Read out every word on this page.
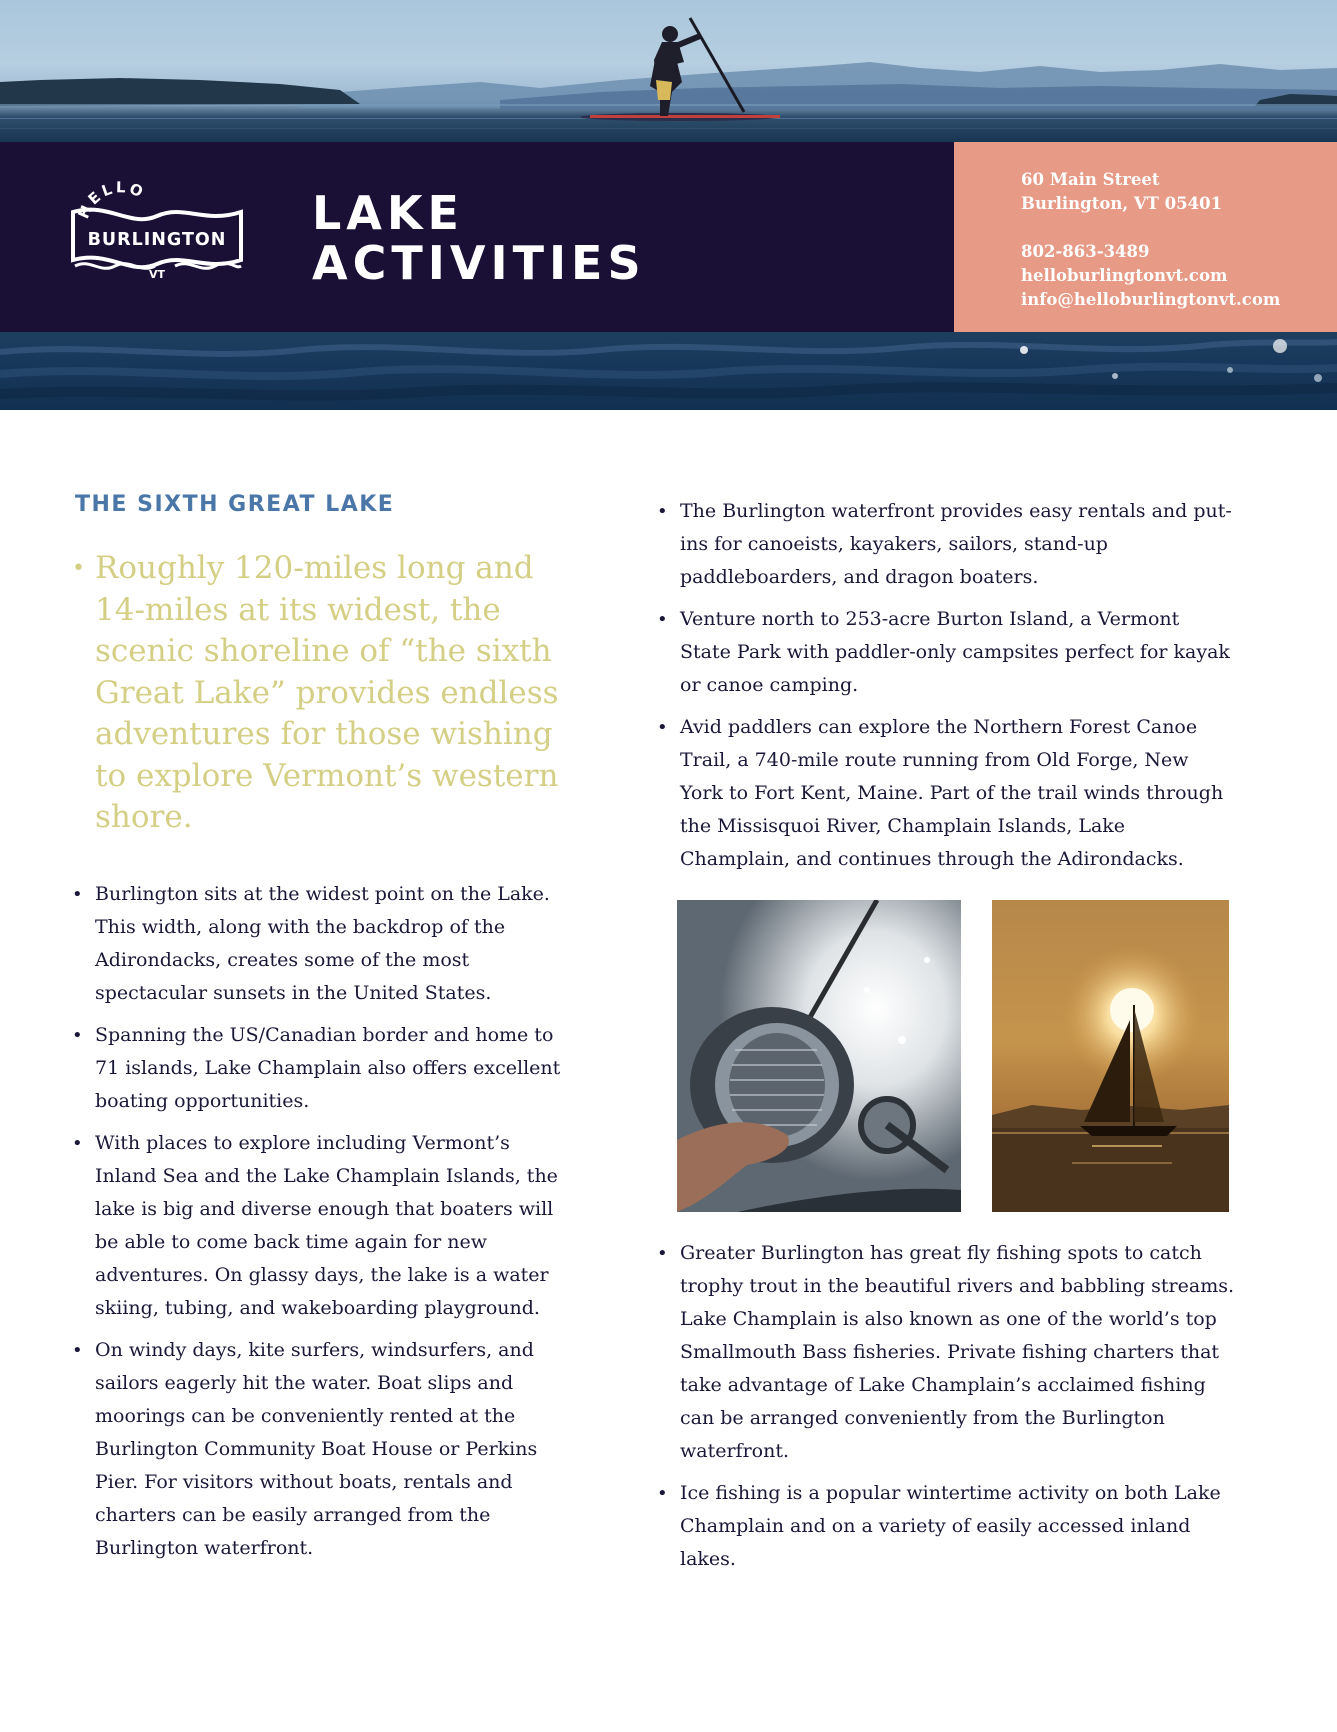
HELLO
BURLINGTON
VT
LAKE
ACTIVITIES
60 Main Street
Burlington, VT 05401
802-863-3489
helloburlingtonvt.com
info@helloburlingtonvt.com
THE SIXTH GREAT LAKE
• Roughly 120-miles long and 14-miles at its widest, the scenic shoreline of “the sixth Great Lake” provides endless adventures for those wishing to explore Vermont’s western shore.
• Burlington sits at the widest point on the Lake. This width, along with the backdrop of the Adirondacks, creates some of the most spectacular sunsets in the United States.
• Spanning the US/Canadian border and home to 71 islands, Lake Champlain also offers excellent boating opportunities.
• With places to explore including Vermont’s Inland Sea and the Lake Champlain Islands, the lake is big and diverse enough that boaters will be able to come back time again for new adventures. On glassy days, the lake is a water skiing, tubing, and wakeboarding playground.
• On windy days, kite surfers, windsurfers, and sailors eagerly hit the water. Boat slips and moorings can be conveniently rented at the Burlington Community Boat House or Perkins Pier. For visitors without boats, rentals and charters can be easily arranged from the Burlington waterfront.
• The Burlington waterfront provides easy rentals and put-ins for canoeists, kayakers, sailors, stand-up paddleboarders, and dragon boaters.
• Venture north to 253-acre Burton Island, a Vermont State Park with paddler-only campsites perfect for kayak or canoe camping.
• Avid paddlers can explore the Northern Forest Canoe Trail, a 740-mile route running from Old Forge, New York to Fort Kent, Maine. Part of the trail winds through the Missisquoi River, Champlain Islands, Lake Champlain, and continues through the Adirondacks.
• Greater Burlington has great fly fishing spots to catch trophy trout in the beautiful rivers and babbling streams. Lake Champlain is also known as one of the world’s top Smallmouth Bass fisheries. Private fishing charters that take advantage of Lake Champlain’s acclaimed fishing can be arranged conveniently from the Burlington waterfront.
• Ice fishing is a popular wintertime activity on both Lake Champlain and on a variety of easily accessed inland lakes.
